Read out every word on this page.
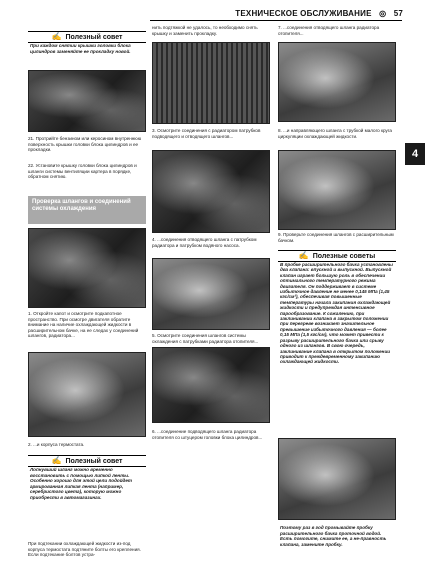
ТЕХНИЧЕСКОЕ ОБСЛУЖИВАНИЕ ◎ 57
4
✍ Полезный совет
При каждом снятии крышки головки блока цилиндров заменяйте ее прокладку новой.
21. Протрийте бензином или керосином внутреннюю поверхность крышки головки блока цилиндров и ее прокладки.
22. Установите крышку головки блока цилиндров и шланги системы вентиляции картера в порядке, обратном снятию.
Проверка шлангов и соединений системы охлаждения
1. Откройте капот и осмотрите подкапотное пространство. При осмотре двигателя обратите внимание на наличие охлаждающей жидкости в расширительном бачке, на ее следах у соединений шлангов, радиатора...
2. ...и корпуса термостата.
✍ Полезный совет
Лопнувший шланг можно временно восстановить с помощью липкой ленты. Особенно хорошо для этой цели подойдет армированная липкая лента (например, серебристого цвета), которую можно приобрести в автомагазинах.
При подтекании охлаждающей жидкости из-под корпуса термостата подтяните болты его крепления. Если подтекание болтов устра-
нить подтяжкой не удалось, то необходимо снять крышку и заменить прокладку.
3. Осмотрите соединения с радиатором патрубков подводящего и отводящего шлангов...
4. ...соединения отводящего шланга с патрубком радиатора и патрубком водяного насоса.
5. Осмотрите соединения шлангов системы охлаждения с патрубками радиатора отопителя...
6. ...соединение подводящего шланга радиатора отопителя со штуцером головки блока цилиндров...
7. ...соединения отводящего шланга радиатора отопителя...
8. ...и направляющего шланга с трубкой малого круга циркуляции охлаждающей жидкости.
9. Проверьте соединения шлангов с расширительным бачком.
✍ Полезные советы
В пробке расширительного бачка установлены два клапана: впускной и выпускной. Выпускной клапан играет большую роль в обеспечении оптимального температурного режима двигателя. Он поддерживает в системе избыточное давление не менее 0,145 МПа (1,45 кгс/см²), обеспечивая повышенные температуры начала закипания охлаждающей жидкости и предупреждая интенсивное парообразование. К сожалению, при заклинивании клапана в закрытом положении при перегреве возникает значительное превышение избыточного давления — более 0,15 МПа (1,5 кгс/см), что может привести к разрыву расширительного бачка или срыву одного из шлангов. В свою очередь, заклинивание клапана в открытом положении приводит к преждевременному закипанию охлаждающей жидкости.
Поэтому раз в год промывайте пробку расширительного бачка проточной водой. Есть помогите, снимите ее, а не-правность клапана, замените пробку.
